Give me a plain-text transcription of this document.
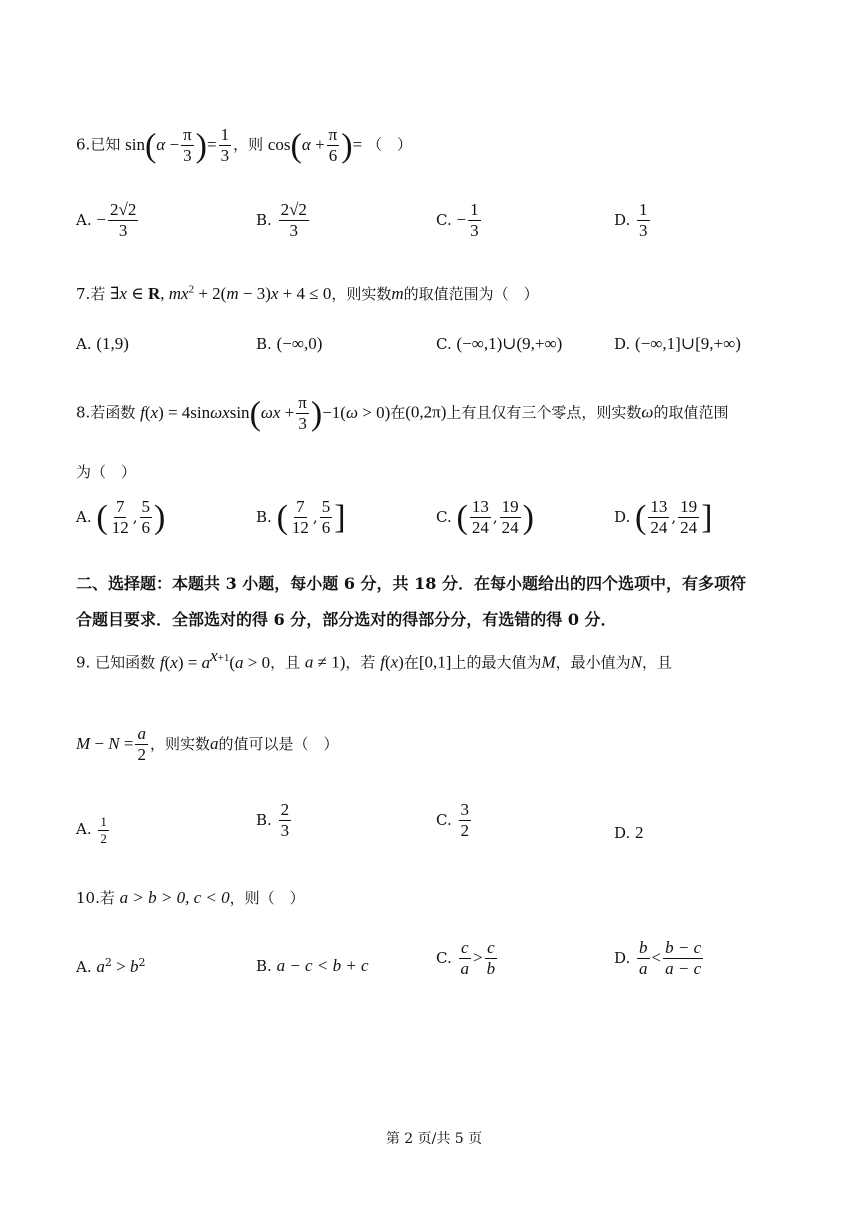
6.已知 $\sin(\alpha - \frac{\pi}{3}$ )= $\frac{1}{3}$ ，则 $\cos(\alpha + \frac{\pi}{6}$ )= （　）
A. − $\frac{2√2}{3}$	B. $\frac{2√2}{3}$	C. − $\frac{1}{3}$	D. $\frac{1}{3}$
7.若 ∃x ∈ R, $mx^2 + 2(m - 3)x + 4 \le 0$，则实数m的取值范围为（　）
A. (1,9)	B. (−∞,0)	C. (−∞,1)∪(9,+∞)	D. (−∞,1]∪[9,+∞)
8.若函数 $f(x) = 4\sin\omega xsin(\omega x + \frac{\pi}{3} )-1(\omega > 0)$在(0,2π)上有且仅有三个零点，则实数ω的取值范围
为（　）
A. ( $\frac{7}{12}$ , $\frac{5}{6}$ )	B. ( $\frac{7}{12}$ , $\frac{5}{6}$ ]	C. ( $\frac{13}{24}$ , $\frac{19}{24}$ )	D. ( $\frac{13}{24}$ , $\frac{19}{24}$ ]
二、选择题：本题共 3 小题，每小题 6 分，共 18 分．在每小题给出的四个选项中，有多项符
合题目要求．全部选对的得 6 分，部分选对的得部分分，有选错的得 0 分．
9. 已知函数 $f(x) = a^{x+1}(a > 0$，且 a ≠ 1)，若 f(x)在[0,1]上的最大值为M，最小值为N，且
$M - N = \frac{a}{2}$ ，则实数a的值可以是（　）
A. $\frac{1}{2}$	B. $\frac{2}{3}$	C. $\frac{3}{2}$	D. 2
10.若 a > b > 0, c < 0，则（　）
A. $a^2 > b^2$	B. a − c < b + c	C. $\frac{c}{a} > \frac{c}{b}$	D. $\frac{b}{a} < \frac{b - c}{a - c}$
第 2 页/共 5 页
